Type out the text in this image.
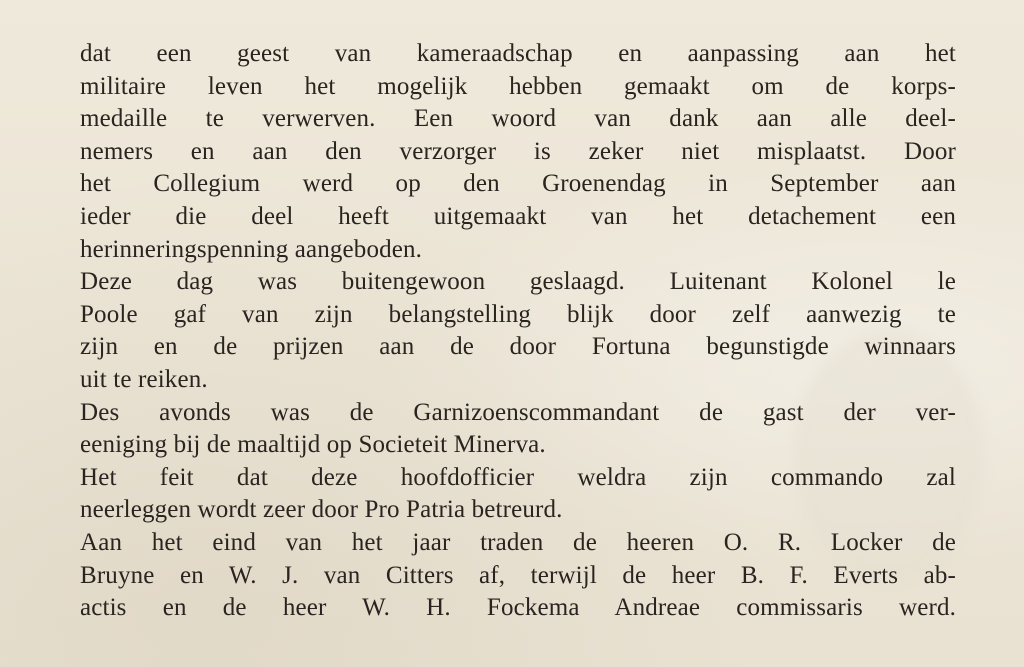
dat een geest van kameraadschap en aanpassing aan het
militaire leven het mogelijk hebben gemaakt om de korps-
medaille te verwerven. Een woord van dank aan alle deel-
nemers en aan den verzorger is zeker niet misplaatst. Door
het Collegium werd op den Groenendag in September aan
ieder die deel heeft uitgemaakt van het detachement een
herinneringspenning aangeboden.
Deze dag was buitengewoon geslaagd. Luitenant Kolonel le
Poole gaf van zijn belangstelling blijk door zelf aanwezig te
zijn en de prijzen aan de door Fortuna begunstigde winnaars
uit te reiken.
Des avonds was de Garnizoenscommandant de gast der ver-
eeniging bij de maaltijd op Societeit Minerva.
Het feit dat deze hoofdofficier weldra zijn commando zal
neerleggen wordt zeer door Pro Patria betreurd.
Aan het eind van het jaar traden de heeren O. R. Locker de
Bruyne en W. J. van Citters af, terwijl de heer B. F. Everts ab-
actis en de heer W. H. Fockema Andreae commissaris werd.
